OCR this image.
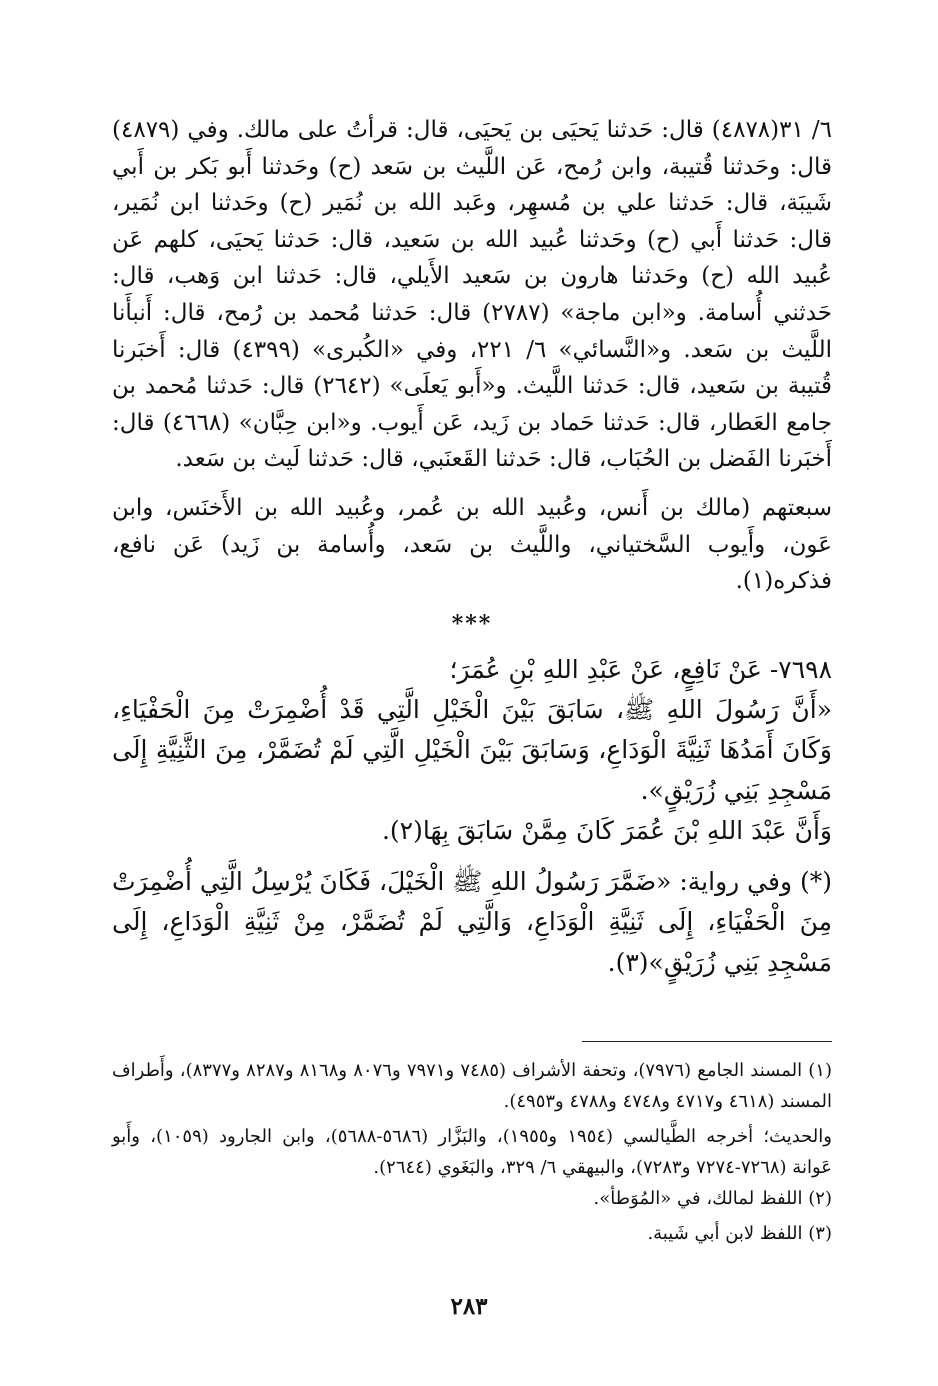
٦/ ٣١(٤٨٧٨) قال: حَدثنا يَحيَى بن يَحيَى، قال: قرأتُ على مالك. وفي (٤٨٧٩) قال: وحَدثنا قُتيبة، وابن رُمح، عَن اللَّيث بن سَعد (ح) وحَدثنا أَبو بَكر بن أَبي شَيبَة، قال: حَدثنا علي بن مُسهِر، وعَبد الله بن نُمَير (ح) وحَدثنا ابن نُمَير، قال: حَدثنا أَبي (ح) وحَدثنا عُبيد الله بن سَعيد، قال: حَدثنا يَحيَى، كلهم عَن عُبيد الله (ح) وحَدثنا هارون بن سَعيد الأَيلي، قال: حَدثنا ابن وَهب، قال: حَدثني أُسامة. و«ابن ماجة» (٢٧٨٧) قال: حَدثنا مُحمد بن رُمح، قال: أَنبأَنا اللَّيث بن سَعد. و«النَّسائي» ٦/ ٢٢١، وفي «الكُبرى» (٤٣٩٩) قال: أَخبَرنا قُتيبة بن سَعيد، قال: حَدثنا اللَّيث. و«أَبو يَعلَى» (٢٦٤٢) قال: حَدثنا مُحمد بن جامع العَطار، قال: حَدثنا حَماد بن زَيد، عَن أَيوب. و«ابن حِبَّان» (٤٦٦٨) قال: أَخبَرنا الفَضل بن الحُبَاب، قال: حَدثنا القَعنَبي، قال: حَدثنا لَيث بن سَعد.

سبعتهم (مالك بن أَنس، وعُبيد الله بن عُمر، وعُبيد الله بن الأَخنَس، وابن عَون، وأَيوب السَّختياني، واللَّيث بن سَعد، وأُسامة بن زَيد) عَن نافع، فذكره(١).

***

٧٦٩٨- عَنْ نَافِعٍ، عَنْ عَبْدِ اللهِ بْنِ عُمَرَ؛

«أَنَّ رَسُولَ اللهِ ﷺ، سَابَقَ بَيْنَ الْخَيْلِ الَّتِي قَدْ أُضْمِرَتْ مِنَ الْحَفْيَاءِ، وَكَانَ أَمَدُهَا ثَنِيَّةَ الْوَدَاعِ، وَسَابَقَ بَيْنَ الْخَيْلِ الَّتِي لَمْ تُضَمَّرْ، مِنَ الثَّنِيَّةِ إِلَى مَسْجِدِ بَنِي زُرَيْقٍ».

وَأَنَّ عَبْدَ اللهِ بْنَ عُمَرَ كَانَ مِمَّنْ سَابَقَ بِهَا(٢).

(*) وفي رواية: «ضَمَّرَ رَسُولُ اللهِ ﷺ الْخَيْلَ، فَكَانَ يُرْسِلُ الَّتِي أُضْمِرَتْ مِنَ الْحَفْيَاءِ، إِلَى ثَنِيَّةِ الْوَدَاعِ، وَالَّتِي لَمْ تُضَمَّرْ، مِنْ ثَنِيَّةِ الْوَدَاعِ، إِلَى مَسْجِدِ بَنِي زُرَيْقٍ»(٣).

(١) المسند الجامع (٧٩٧٦)، وتحفة الأشراف (٧٤٨٥ و٧٩٧١ و٨٠٧٦ و٨١٦٨ و٨٢٨٧ و٨٣٧٧)، وأَطراف المسند (٤٦١٨ و٤٧١٧ و٤٧٤٨ و٤٧٨٨ و٤٩٥٣).

والحديث؛ أخرجه الطَّيالسي (١٩٥٤ و١٩٥٥)، والبَزَّار (٥٦٨٦-٥٦٨٨)، وابن الجارود (١٠٥٩)، وأَبو عَوانة (٧٢٦٨-٧٢٧٤ و٧٢٨٣)، والبيهقي ٦/ ٣٢٩، والبَغَوي (٢٦٤٤).

(٢) اللفظ لمالك، في «المُوَطأ».

(٣) اللفظ لابن أبي شَيبة.

٢٨٣
